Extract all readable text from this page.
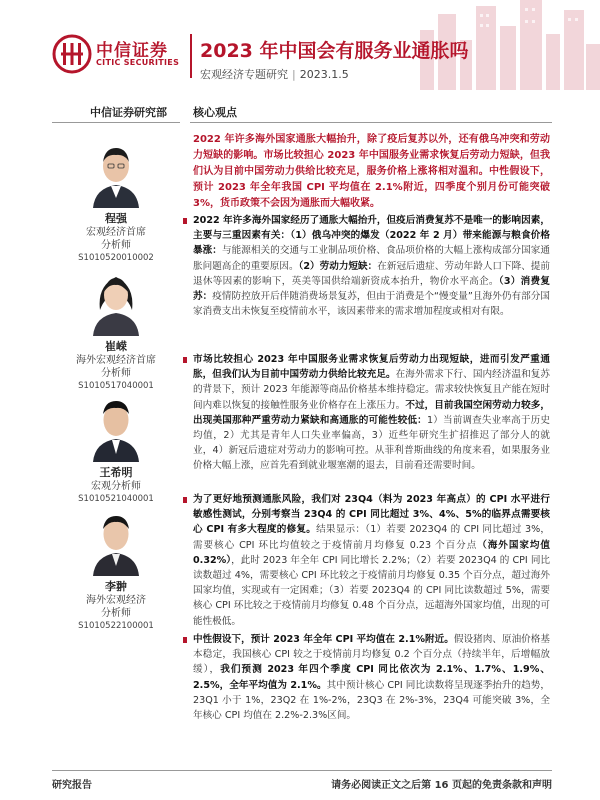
中信证券
CITIC SECURITIES
2023 年中国会有服务业通胀吗
宏观经济专题研究 | 2023.1.5
中信证券研究部 核心观点
程强
宏观经济首席
分析师
S1010520010002
崔嵘
海外宏观经济首席
分析师
S1010517040001
王希明
宏观分析师
S1010521040001
李翀
海外宏观经济
分析师
S1010522100001
2022 年许多海外国家通胀大幅抬升，除了疫后复苏以外，还有俄乌冲突和劳动力短缺的影响。市场比较担心 2023 年中国服务业需求恢复后劳动力短缺，但我们认为目前中国劳动力供给比较充足，服务价格上涨将相对温和。中性假设下，预计 2023 年全年我国 CPI 平均值在 2.1%附近，四季度个别月份可能突破 3%，货币政策不会因为通胀而大幅收紧。
2022 年许多海外国家经历了通胀大幅抬升，但疫后消费复苏不是唯一的影响因素，主要与三重因素有关：（1）俄乌冲突的爆发（2022 年 2 月）带来能源与粮食价格暴涨：与能源相关的交通与工业制品项价格、食品项价格的大幅上涨构成部分国家通胀问题高企的重要原因。（2）劳动力短缺：在新冠后遗症、劳动年龄人口下降、提前退休等因素的影响下，英美等国供给端新资成本抬升，物价水平高企。（3）消费复苏：疫情防控放开后伴随消费场景复苏，但由于消费是个“慢变量”且海外仍有部分国家消费支出未恢复至疫情前水平，该因素带来的需求增加程度或相对有限。
市场比较担心 2023 年中国服务业需求恢复后劳动力出现短缺，进而引发严重通胀，但我们认为目前中国劳动力供给比较充足。在海外需求下行、国内经济温和复苏的背景下，预计 2023 年能源等商品价格基本维持稳定。需求较快恢复且产能在短时间内难以恢复的接触性服务业价格存在上涨压力。不过，目前我国空闲劳动力较多，出现美国那种严重劳动力紧缺和高通胀的可能性较低：1）当前调查失业率高于历史均值，2）尤其是青年人口失业率偏高，3）近些年研究生扩招推迟了部分人的就业，4）新冠后遗症对劳动力的影响可控。从菲利普斯曲线的角度来看，如果服务业价格大幅上涨，应首先看到就业堰塞潮的退去，目前看还需要时间。
为了更好地预测通胀风险，我们对 23Q4（料为 2023 年高点）的 CPI 水平进行敏感性测试，分别考察当 23Q4 的 CPI 同比超过 3%、4%、5%的临界点需要核心 CPI 有多大程度的修复。结果显示：（1）若要 2023Q4 的 CPI 同比超过 3%，需要核心 CPI 环比均值较之于疫情前月均修复 0.23 个百分点（海外国家均值 0.32%），此时 2023 年全年 CPI 同比增长 2.2%；（2）若要 2023Q4 的 CPI 同比读数超过 4%，需要核心 CPI 环比较之于疫情前月均修复 0.35 个百分点，超过海外国家均值，实现或有一定困难；（3）若要 2023Q4 的 CPI 同比读数超过 5%，需要核心 CPI 环比较之于疫情前月均修复 0.48 个百分点，远超海外国家均值，出现的可能性极低。
中性假设下，预计 2023 年全年 CPI 平均值在 2.1%附近。假设猪肉、原油价格基本稳定，我国核心 CPI 较之于疫情前月均修复 0.2 个百分点（持续半年，后增幅放缓），我们预测 2023 年四个季度 CPI 同比依次为 2.1%、1.7%、1.9%、2.5%，全年平均值为 2.1%。其中预计核心 CPI 同比读数将呈现逐季抬升的趋势，23Q1 小于 1%，23Q2 在 1%-2%，23Q3 在 2%-3%，23Q4 可能突破 3%，全年核心 CPI 均值在 2.2%-2.3%区间。
研究报告	请务必阅读正文之后第 16 页起的免责条款和声明
